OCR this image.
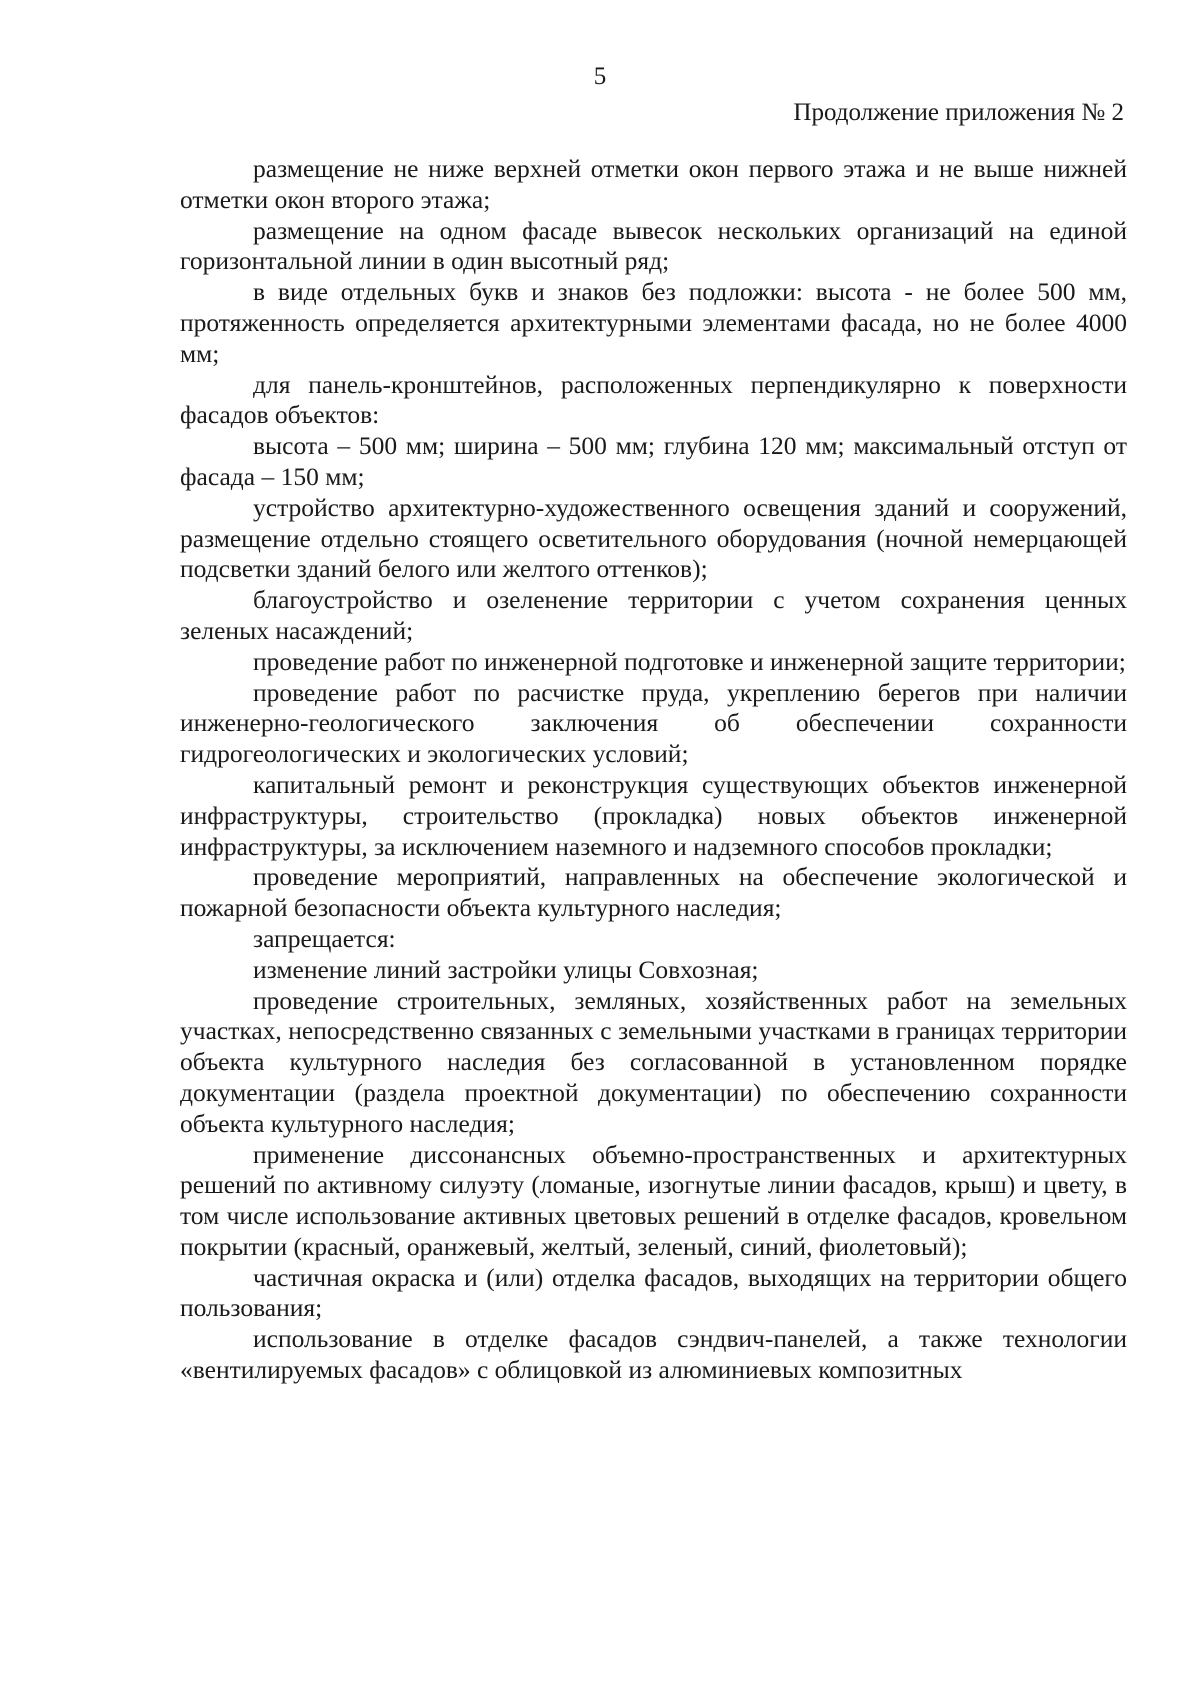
5
Продолжение приложения № 2

размещение не ниже верхней отметки окон первого этажа и не выше нижней отметки окон второго этажа;

размещение на одном фасаде вывесок нескольких организаций на единой горизонтальной линии в один высотный ряд;

в виде отдельных букв и знаков без подложки: высота - не более 500 мм, протяженность определяется архитектурными элементами фасада, но не более 4000 мм;

для панель-кронштейнов, расположенных перпендикулярно к поверхности фасадов объектов:

высота – 500 мм; ширина – 500 мм; глубина 120 мм; максимальный отступ от фасада – 150 мм;

устройство архитектурно-художественного освещения зданий и сооружений, размещение отдельно стоящего осветительного оборудования (ночной немерцающей подсветки зданий белого или желтого оттенков);

благоустройство и озеленение территории с учетом сохранения ценных зеленых насаждений;

проведение работ по инженерной подготовке и инженерной защите территории;

проведение работ по расчистке пруда, укреплению берегов при наличии инженерно-геологического заключения об обеспечении сохранности гидрогеологических и экологических условий;

капитальный ремонт и реконструкция существующих объектов инженерной инфраструктуры, строительство (прокладка) новых объектов инженерной инфраструктуры, за исключением наземного и надземного способов прокладки;

проведение мероприятий, направленных на обеспечение экологической и пожарной безопасности объекта культурного наследия;

запрещается:

изменение линий застройки улицы Совхозная;

проведение строительных, земляных, хозяйственных работ на земельных участках, непосредственно связанных с земельными участками в границах территории объекта культурного наследия без согласованной в установленном порядке документации (раздела проектной документации) по обеспечению сохранности объекта культурного наследия;

применение диссонансных объемно-пространственных и архитектурных решений по активному силуэту (ломаные, изогнутые линии фасадов, крыш) и цвету, в том числе использование активных цветовых решений в отделке фасадов, кровельном покрытии (красный, оранжевый, желтый, зеленый, синий, фиолетовый);

частичная окраска и (или) отделка фасадов, выходящих на территории общего пользования;

использование в отделке фасадов сэндвич-панелей, а также технологии «вентилируемых фасадов» с облицовкой из алюминиевых композитных
